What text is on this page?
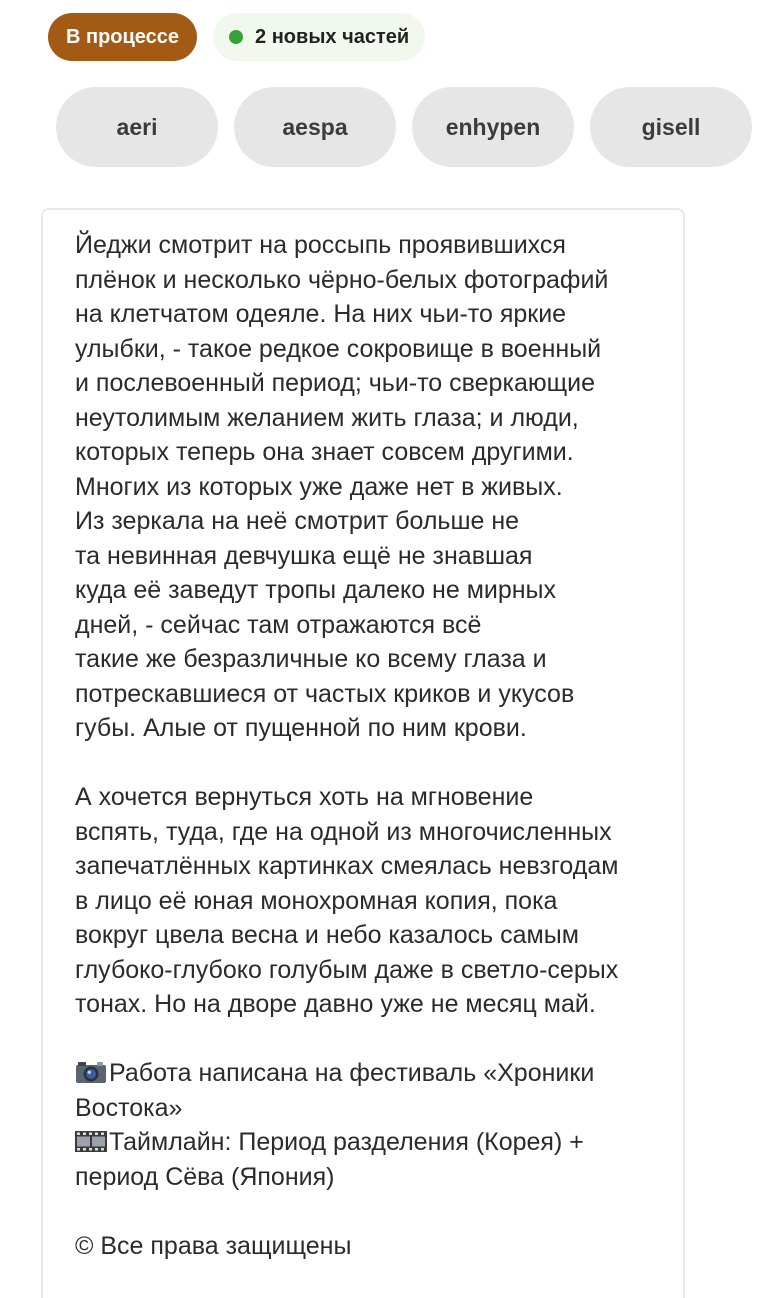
В процессе	2 новых частей
aeri	aespa	enhypen	gisell
Йеджи смотрит на россыпь проявившихся
плёнок и несколько чёрно-белых фотографий
на клетчатом одеяле. На них чьи-то яркие
улыбки, - такое редкое сокровище в военный
и послевоенный период; чьи-то сверкающие
неутолимым желанием жить глаза; и люди,
которых теперь она знает совсем другими.
Многих из которых уже даже нет в живых.
Из зеркала на неё смотрит больше не
та невинная девчушка ещё не знавшая
куда её заведут тропы далеко не мирных
дней, - сейчас там отражаются всё
такие же безразличные ко всему глаза и
потрескавшиеся от частых криков и укусов
губы. Алые от пущенной по ним крови.
А хочется вернуться хоть на мгновение
вспять, туда, где на одной из многочисленных
запечатлённых картинках смеялась невзгодам
в лицо её юная монохромная копия, пока
вокруг цвела весна и небо казалось самым
глубоко-глубоко голубым даже в светло-серых
тонах. Но на дворе давно уже не месяц май.
Работа написана на фестиваль «Хроники
Востока»
Таймлайн: Период разделения (Корея) +
период Сёва (Япония)
© Все права защищены
